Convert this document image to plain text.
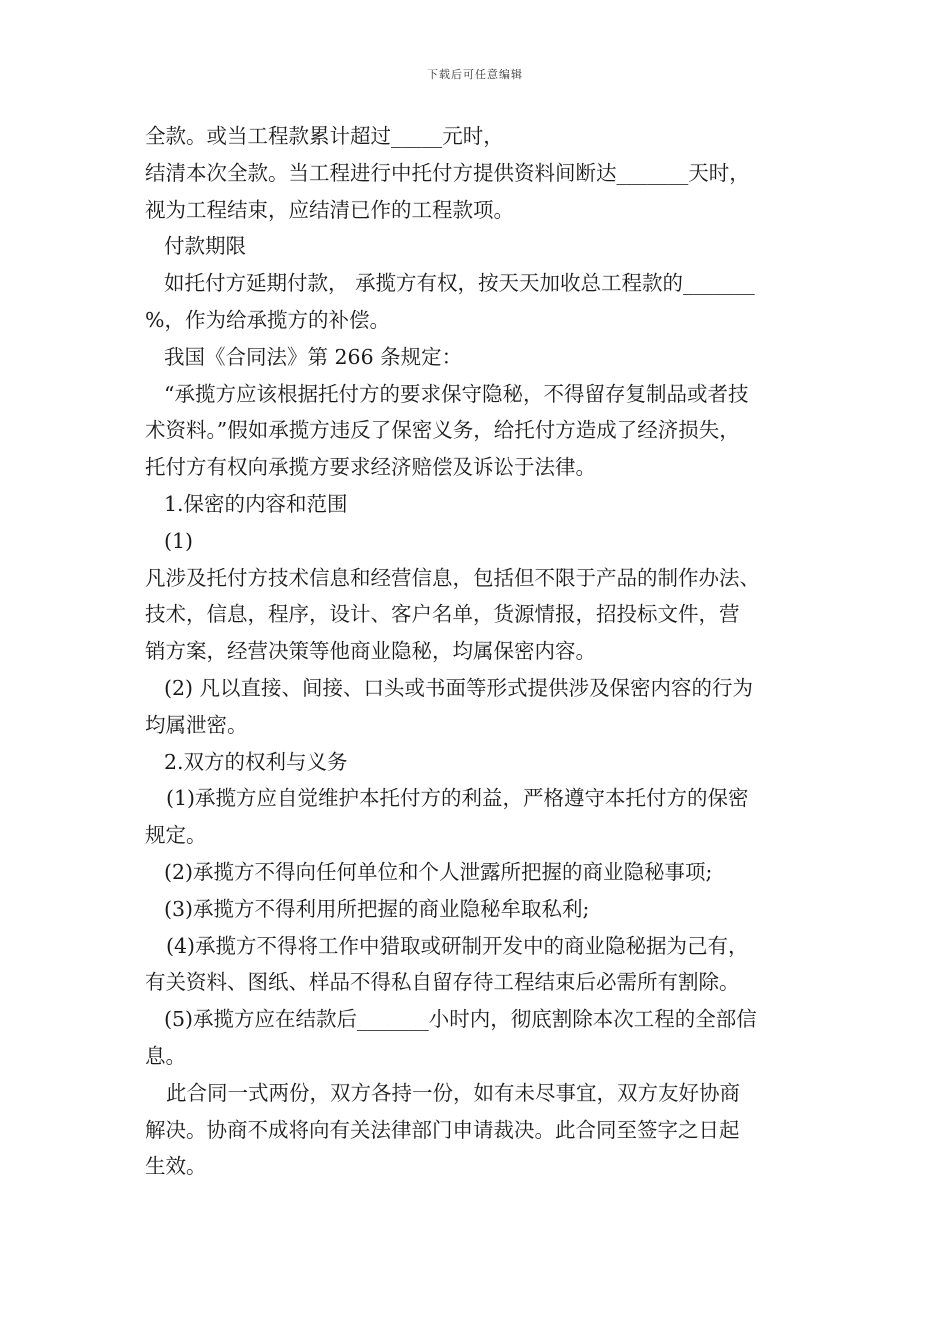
下载后可任意编辑
全款。或当工程款累计超过_____元时，
结清本次全款。当工程进行中托付方提供资料间断达_______天时，
视为工程结束，应结清已作的工程款项。
付款期限
如托付方延期付款， 承揽方有权，按天天加收总工程款的_______
%，作为给承揽方的补偿。
我国《合同法》第 266 条规定：
“承揽方应该根据托付方的要求保守隐秘，不得留存复制品或者技
术资料。”假如承揽方违反了保密义务，给托付方造成了经济损失，
托付方有权向承揽方要求经济赔偿及诉讼于法律。
1.保密的内容和范围
(1)
凡涉及托付方技术信息和经营信息，包括但不限于产品的制作办法、
技术，信息，程序，设计、客户名单，货源情报，招投标文件，营
销方案，经营决策等他商业隐秘，均属保密内容。
(2) 凡以直接、间接、口头或书面等形式提供涉及保密内容的行为
均属泄密。
2.双方的权利与义务
(1)承揽方应自觉维护本托付方的利益，严格遵守本托付方的保密
规定。
(2)承揽方不得向任何单位和个人泄露所把握的商业隐秘事项;
(3)承揽方不得利用所把握的商业隐秘牟取私利;
(4)承揽方不得将工作中猎取或研制开发中的商业隐秘据为己有，
有关资料、图纸、样品不得私自留存待工程结束后必需所有割除。
(5)承揽方应在结款后_______小时内，彻底割除本次工程的全部信
息。
此合同一式两份，双方各持一份，如有未尽事宜，双方友好协商
解决。协商不成将向有关法律部门申请裁决。此合同至签字之日起
生效。
